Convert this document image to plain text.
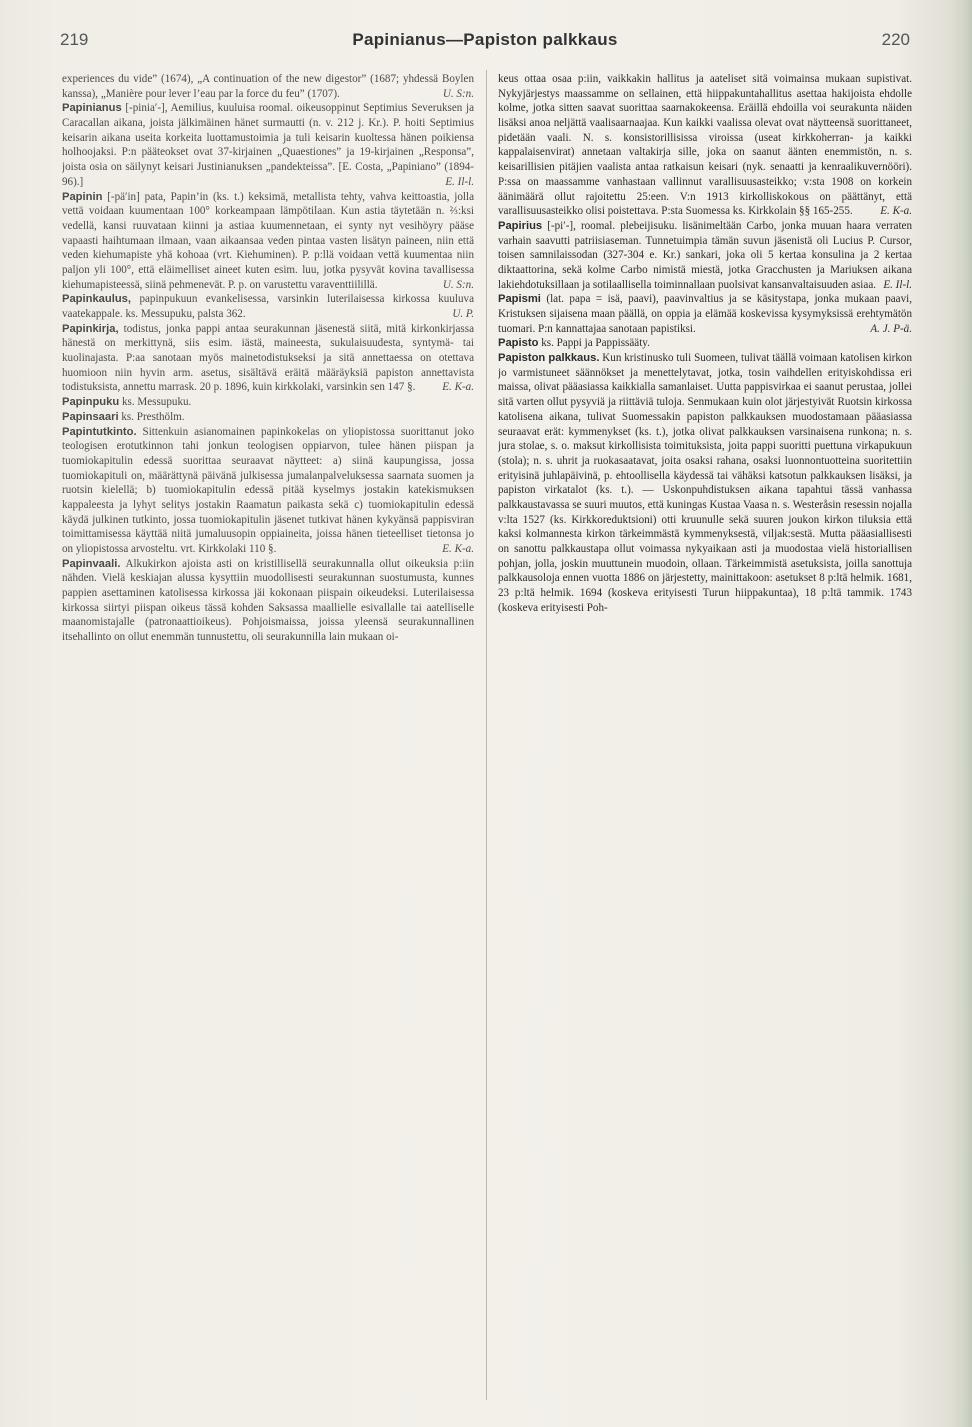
219	Papinianus—Papiston palkkaus	220

experiences du vide” (1674), „A continuation of the new digestor” (1687; yhdessä Boylen kanssa), „Manière pour lever l’eau par la force du feu” (1707).	U. S:n.

Papinianus [-pinia′-], Aemilius, kuuluisa roomal. oikeusoppinut Septimius Severuksen ja Caracallan aikana, joista jälkimäinen hänet surmautti (n. v. 212 j. Kr.). P. hoiti Septimius keisarin aikana useita korkeita luottamustoimia ja tuli keisarin kuoltessa hänen poikiensa holhoojaksi. P:n pääteokset ovat 37-kirjainen „Quaestiones” ja 19-kirjainen „Responsa”, joista osia on säilynyt keisari Justinianuksen „pandekteissa”. [E. Costa, „Papiniano” (1894-96).]	E. Il-l.

Papinin [-pä′in] pata, Papin’in (ks. t.) keksimä, metallista tehty, vahva keittoastia, jolla vettä voidaan kuumentaan 100° korkeampaan lämpötilaan. Kun astia täytetään n. ⅔:ksi vedellä, kansi ruuvataan kiinni ja astiaa kuumennetaan, ei synty nyt vesihöyry pääse vapaasti haihtumaan ilmaan, vaan aikaansaa veden pintaa vasten lisätyn paineen, niin että veden kiehumapiste yhä kohoaa (vrt. Kiehuminen). P. p:llä voidaan vettä kuumentaa niin paljon yli 100°, että eläimelliset aineet kuten esim. luu, jotka pysyvät kovina tavallisessa kiehumapisteessä, siinä pehmenevät. P. p. on varustettu varaventtiilillä.	U. S:n.

Papinkaulus, papinpukuun evankelisessa, varsinkin luterilaisessa kirkossa kuuluva vaatekappale. ks. Messupuku, palsta 362.	U. P.

Papinkirja, todistus, jonka pappi antaa seurakunnan jäsenestä siitä, mitä kirkonkirjassa hänestä on merkittynä, siis esim. iästä, maineesta, sukulaisuudesta, syntymä- tai kuolinajasta. P:aa sanotaan myös mainetodistukseksi ja sitä annettaessa on otettava huomioon niin hyvin arm. asetus, sisältävä eräitä määräyksiä papiston annettavista todistuksista, annettu marrask. 20 p. 1896, kuin kirkkolaki, varsinkin sen 147 §. E. K-a.

Papinpuku ks. Messupuku.

Papinsaari ks. Presthölm.

Papintutkinto. Sittenkuin asianomainen papinkokelas on yliopistossa suorittanut joko teologisen erotutkinnon tahi jonkun teologisen oppiarvon, tulee hänen piispan ja tuomiokapitulin edessä suorittaa seuraavat näytteet: a) siinä kaupungissa, jossa tuomiokapituli on, määrättynä päivänä julkisessa jumalanpalveluksessa saarnata suomen ja ruotsin kielellä; b) tuomiokapitulin edessä pitää kyselmys jostakin katekismuksen kappaleesta ja lyhyt selitys jostakin Raamatun paikasta sekä c) tuomiokapitulin edessä käydä julkinen tutkinto, jossa tuomiokapitulin jäsenet tutkivat hänen kykyänsä pappisviran toimittamisessa käyttää niitä jumaluusopin oppiaineita, joissa hänen tieteelliset tietonsa jo on yliopistossa arvosteltu. vrt. Kirkkolaki 110 §.	E. K-a.

Papinvaali. Alkukirkon ajoista asti on kristillisellä seurakunnalla ollut oikeuksia p:iin nähden. Vielä keskiajan alussa kysyttiin muodollisesti seurakunnan suostumusta, kunnes pappien asettaminen katolisessa kirkossa jäi kokonaan piispain oikeudeksi. Luterilaisessa kirkossa siirtyi piispan oikeus tässä kohden Saksassa maallielle esivallalle tai aatelliselle maanomistajalle (patronaattioikeus). Pohjoismaissa, joissa yleensä seurakunnallinen itsehallinto on ollut enemmän tunnustettu, oli seurakunnilla lain mukaan oi-

keus ottaa osaa p:iin, vaikkakin hallitus ja aateliset sitä voimainsa mukaan supistivat. Nykyjärjestys maassamme on sellainen, että hiippakuntahallitus asettaa hakijoista ehdolle kolme, jotka sitten saavat suorittaa saarnakokeensa. Eräillä ehdoilla voi seurakunta näiden lisäksi anoa neljättä vaalisaarnaajaa. Kun kaikki vaalissa olevat ovat näytteensä suorittaneet, pidetään vaali. N. s. konsistorillisissa viroissa (useat kirkkoherran- ja kaikki kappalaisenvirat) annetaan valtakirja sille, joka on saanut äänten enemmistön, n. s. keisarillisien pitäjien vaalista antaa ratkaisun keisari (nyk. senaatti ja kenraalikuvernööri). P:ssa on maassamme vanhastaan vallinnut varallisuusasteikko; v:sta 1908 on korkein äänimäärä ollut rajoitettu 25:een. V:n 1913 kirkolliskokous on päättänyt, että varallisuusasteikko olisi poistettava. P:sta Suomessa ks. Kirkkolain §§ 165-255. E. K-a.

Papirius [-pi′-], roomal. plebeijisuku. lisänimeltään Carbo, jonka muuan haara verraten varhain saavutti patriisiaseman. Tunnetuimpia tämän suvun jäsenistä oli Lucius P. Cursor, toisen samnilaissodan (327-304 e. Kr.) sankari, joka oli 5 kertaa konsulina ja 2 kertaa diktaattorina, sekä kolme Carbo nimistä miestä, jotka Gracchusten ja Mariuksen aikana lakiehdotuksillaan ja sotilaallisella toiminnallaan puolsivat kansanvaltaisuuden asiaa. E. Il-l.

Papismi (lat. papa = isä, paavi), paavinvaltius ja se käsitystapa, jonka mukaan paavi, Kristuksen sijaisena maan päällä, on oppia ja elämää koskevissa kysymyksissä erehtymätön tuomari. P:n kannattajaa sanotaan papistiksi.	A. J. P-ä.

Papisto ks. Pappi ja Pappissääty.

Papiston palkkaus. Kun kristinusko tuli Suomeen, tulivat täällä voimaan katolisen kirkon jo varmistuneet säännökset ja menettelytavat, jotka, tosin vaihdellen erityiskohdissa eri maissa, olivat pääasiassa kaikkialla samanlaiset. Uutta pappisvirkaa ei saanut perustaa, jollei sitä varten ollut pysyviä ja riittäviä tuloja. Senmukaan kuin olot järjestyivät Ruotsin kirkossa katolisena aikana, tulivat Suomessakin papiston palkkauksen muodostamaan pääasiassa seuraavat erät: kymmenykset (ks. t.), jotka olivat palkkauksen varsinaisena runkona; n. s. jura stolae, s. o. maksut kirkollisista toimituksista, joita pappi suoritti puettuna virkapukuun (stola); n. s. uhrit ja ruokasaatavat, joita osaksi rahana, osaksi luonnontuotteina suoritettiin erityisinä juhlapäivinä, p. ehtoollisella käydessä tai vähäksi katsotun palkkauksen lisäksi, ja papiston virkatalot (ks. t.). — Uskonpuhdistuksen aikana tapahtui tässä vanhassa palkkaustavassa se suuri muutos, että kuningas Kustaa Vaasa n. s. Westeråsin resessin nojalla v:lta 1527 (ks. Kirkkoreduktsioni) otti kruunulle sekä suuren joukon kirkon tiluksia että kaksi kolmannesta kirkon tärkeimmästä kymmenyksestä, viljak:sestä. Mutta pääasiallisesti on sanottu palkkaustapa ollut voimassa nykyaikaan asti ja muodostaa vielä historiallisen pohjan, jolla, joskin muuttunein muodoin, ollaan. Tärkeimmistä asetuksista, joilla sanottuja palkkausoloja ennen vuotta 1886 on järjestetty, mainittakoon: asetukset 8 p:ltä helmik. 1681, 23 p:ltä helmik. 1694 (koskeva erityisesti Turun hiippakuntaa), 18 p:ltä tammik. 1743 (koskeva erityisesti Poh-
